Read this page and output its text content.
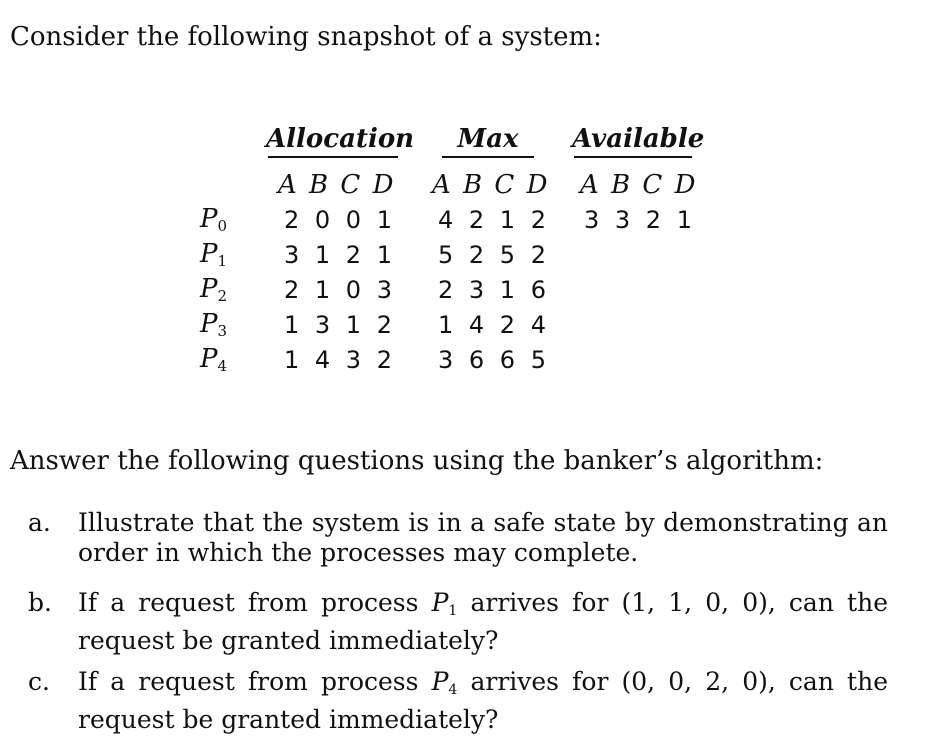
Consider the following snapshot of a system:
Allocation	Max	Available
A B C D A B C D A B C D
$P_0$
$P_1$
$P_2$
$P_3$
$P_4$
2 0 0 1
3 1 2 1
2 1 0 3
1 3 1 2
1 4 3 2
4 2 1 2
5 2 5 2
2 3 1 6
1 4 2 4
3 6 6 5
3 3 2 1
Answer the following questions using the banker’s algorithm:
a. Illustrate that the system is in a safe state by demonstrating an order in which the processes may complete.
b. If a request from process $P_1$ arrives for (1, 1, 0, 0), can the request be granted immediately?
c. If a request from process $P_4$ arrives for (0, 0, 2, 0), can the request be granted immediately?
